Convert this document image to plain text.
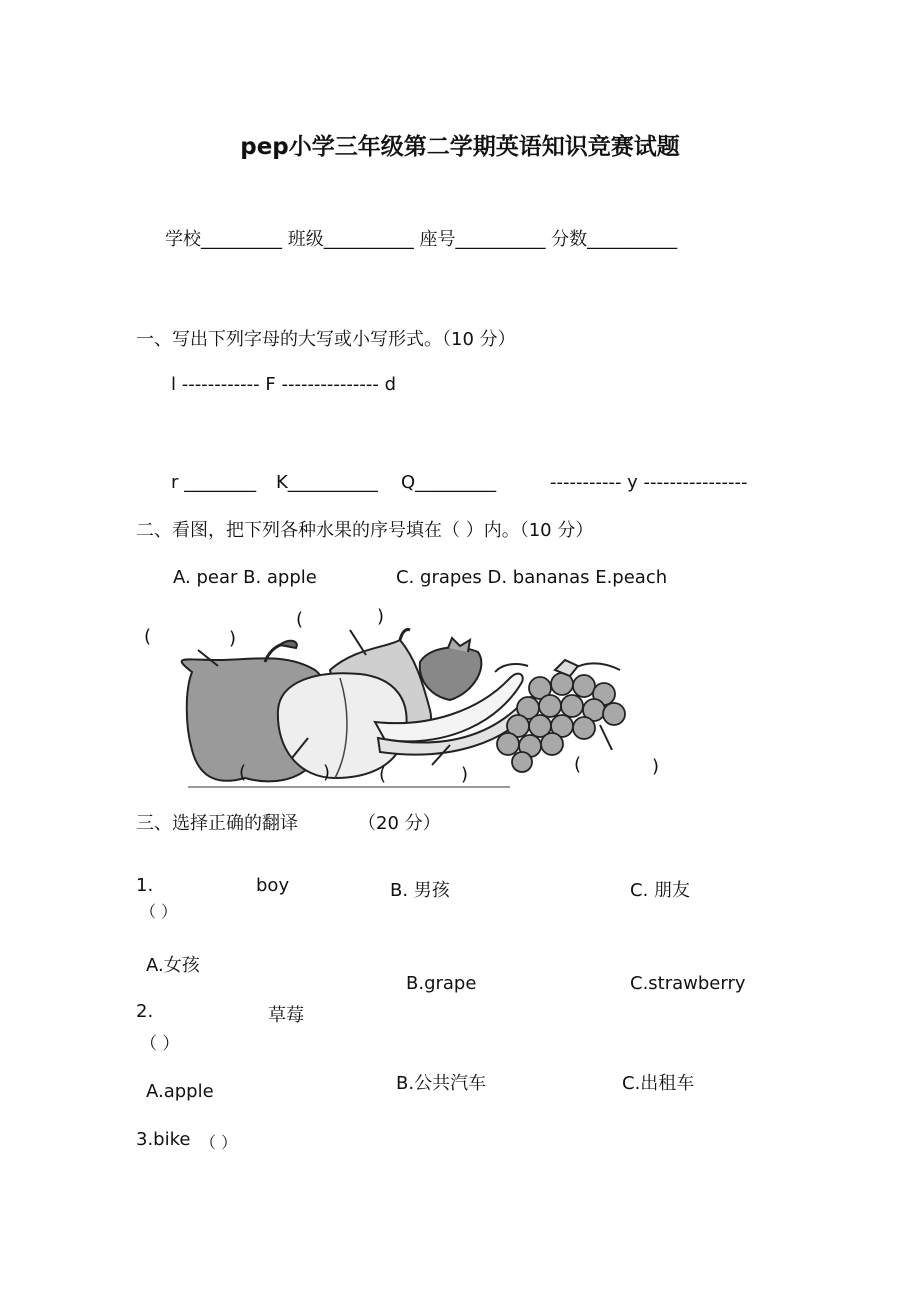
pep小学三年级第二学期英语知识竞赛试题
学校_________ 班级__________ 座号__________ 分数__________
一、写出下列字母的大写或小写形式。（10 分）
l ------------ F --------------- d
r ________ K__________ Q_________	----------- y ----------------
二、看图，把下列各种水果的序号填在（ ）内。（10 分）
A. pear B. apple	C. grapes D. bananas E.peach
(	)
(	)
(	)	(	)	(	)
三、选择正确的翻译	（20 分）
1.	boy	B. 男孩	C. 朋友
（ ）
A.女孩
B.grape	C.strawberry
2.	草莓
（ ）
B.公共汽车	C.出租车
A.apple
3.bike （ ）
